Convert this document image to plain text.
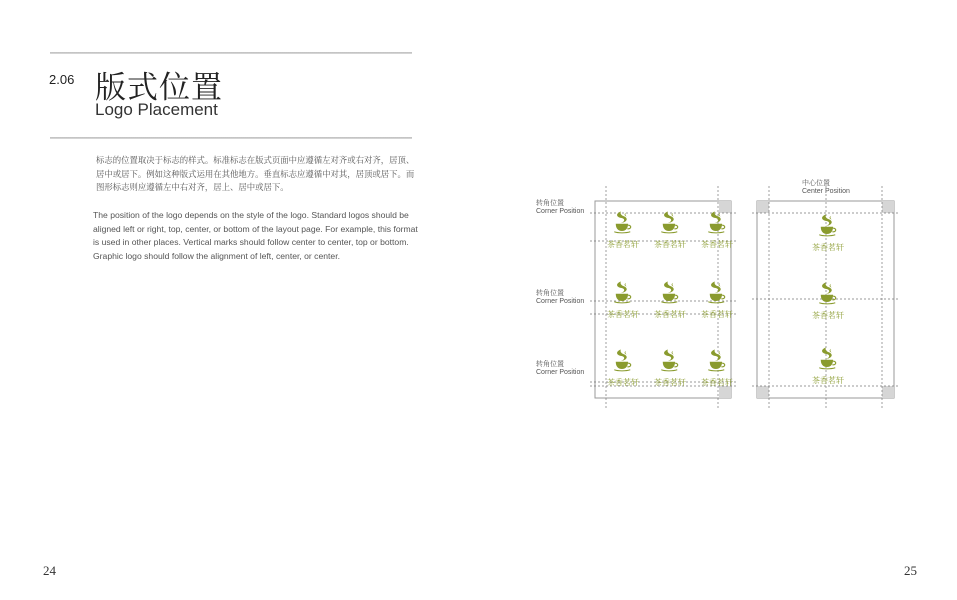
2.06 版式位置
Logo Placement
标志的位置取决于标志的样式。标准标志在版式页面中应遵循左对齐或右对齐，居顶、居中或居下。例如这种版式运用在其他地方。垂直标志应遵循中对其，居顶或居下。而图形标志则应遵循左中右对齐，居上、居中或居下。
The position of the logo depends on the style of the logo. Standard logos should be aligned left or right, top, center, or bottom of the layout page. For example, this format is used in other places. Vertical marks should follow center to center, top or bottom. Graphic logo should follow the alignment of left, center, or center.
24	25
转角位置
Corner Position
转角位置
Corner Position
转角位置
Corner Position
中心位置
Center Position
茶香茗轩 茶香茗轩 茶香茗轩
茶香茗轩 茶香茗轩 茶香茗轩
茶香茗轩 茶香茗轩 茶香茗轩
茶香茗轩
茶香茗轩
茶香茗轩
